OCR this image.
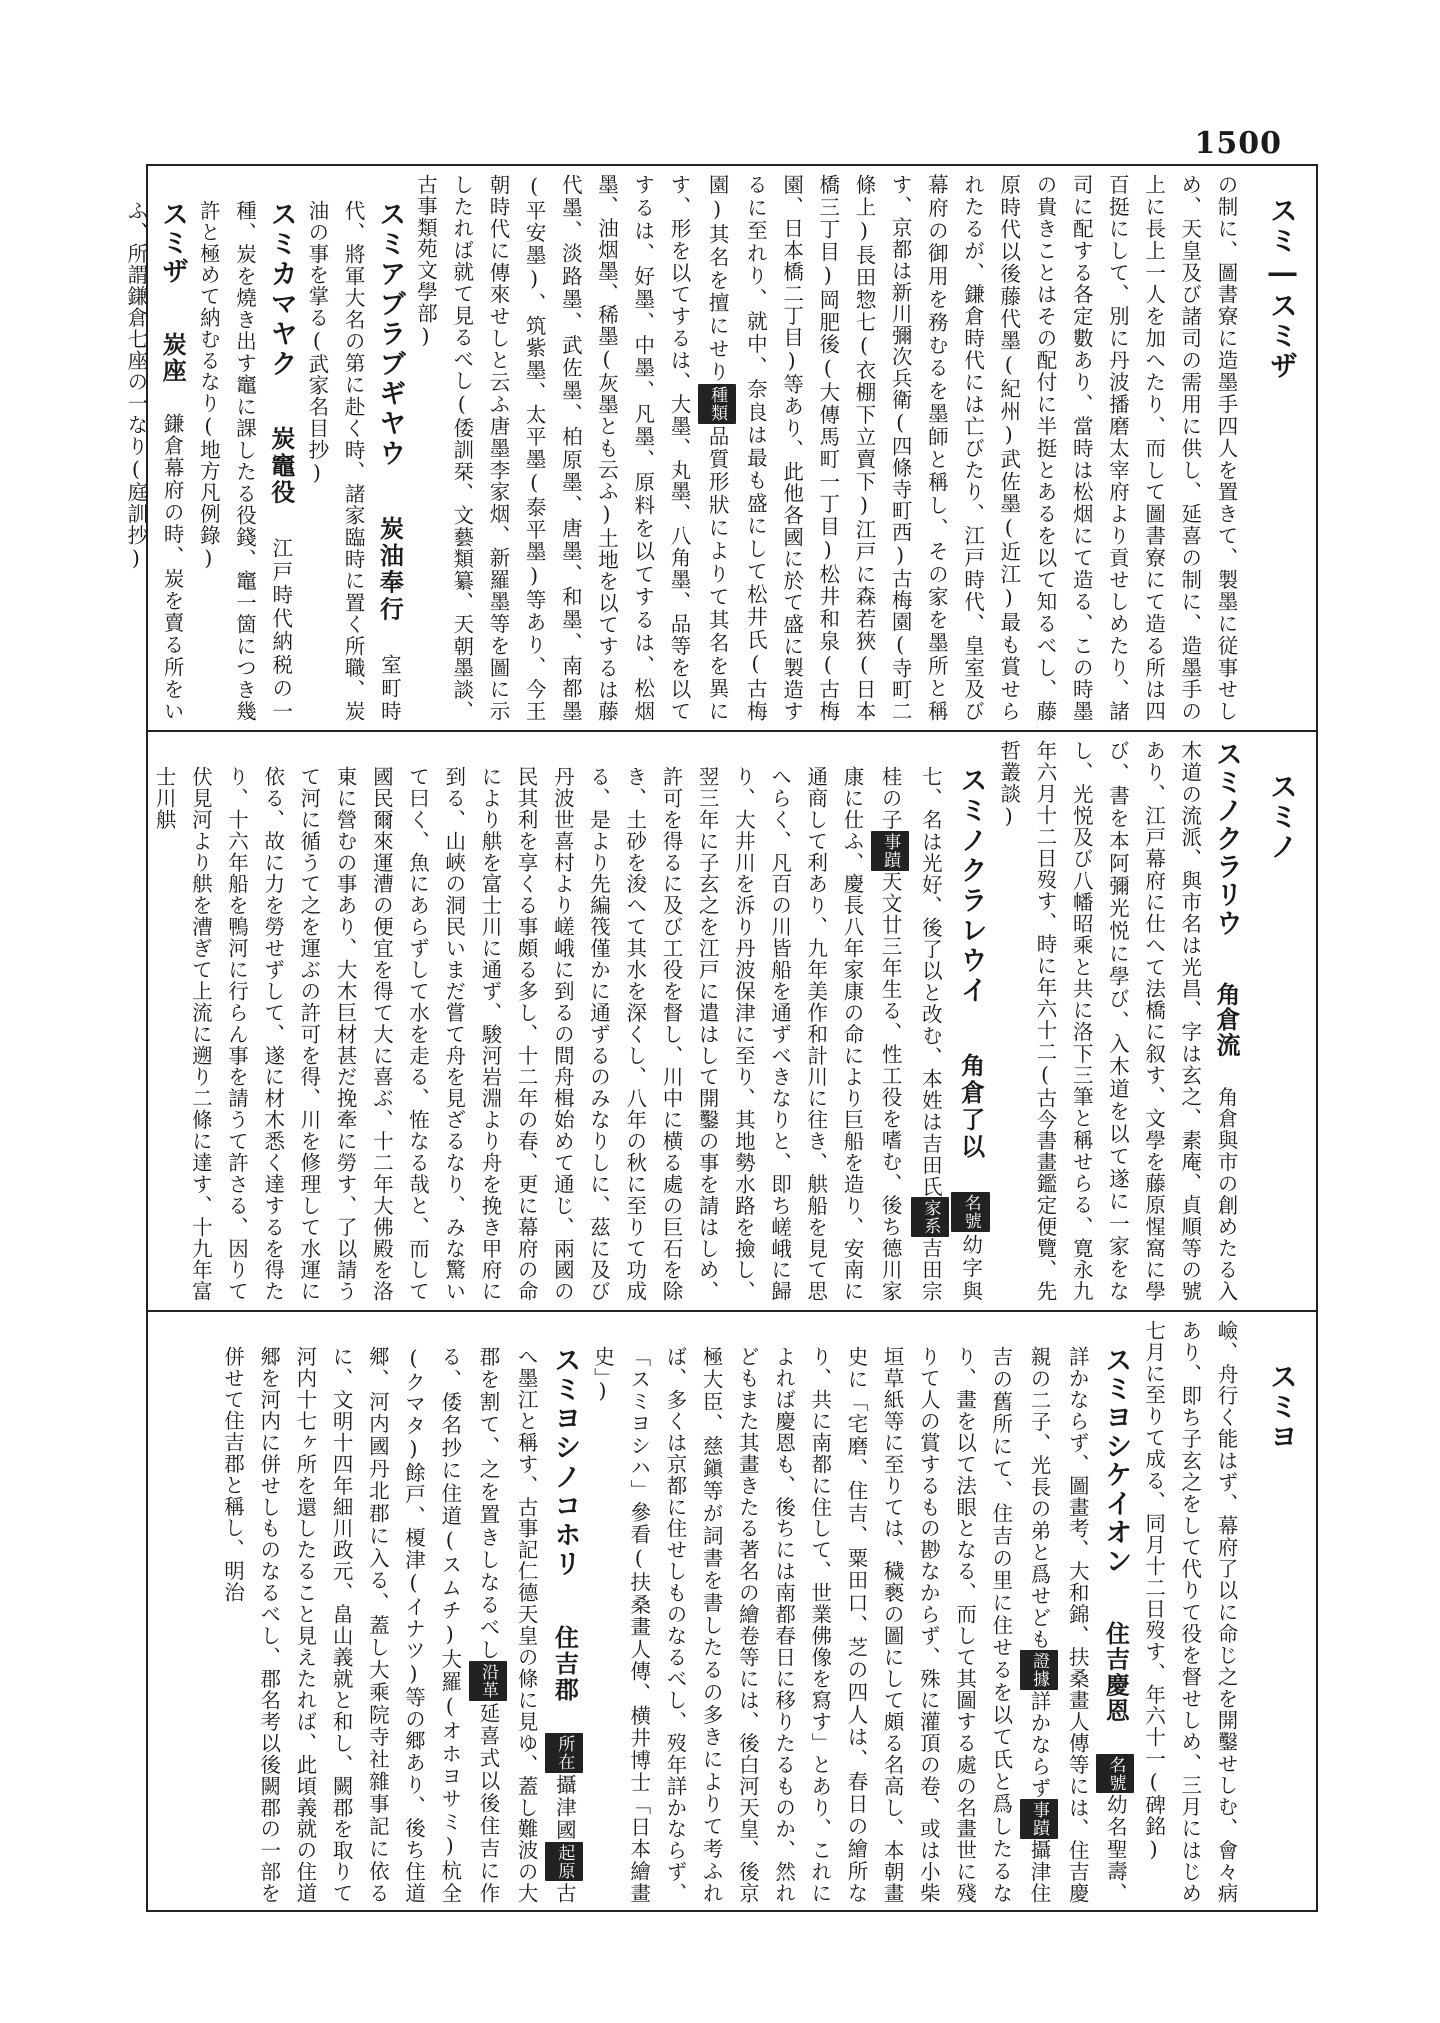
1500
スミ―スミザ
の制に、圖書寮に造墨手四人を置きて、製墨に従事せしめ、天皇及び諸司の需用に供し、延喜の制に、造墨手の上に長上一人を加へたり、而して圖書寮にて造る所は四百挺にして、別に丹波播磨太宰府より貢せしめたり、諸司に配する各定數あり、當時は松烟にて造る、この時墨の貴きことはその配付に半挺とあるを以て知るべし、藤原時代以後藤代墨(紀州)武佐墨(近江)最も賞せられたるが、鎌倉時代には亡びたり、江戸時代、皇室及び幕府の御用を務むるを墨師と稱し、その家を墨所と稱す、京都は新川彌次兵衛(四條寺町西)古梅園(寺町二條上)長田惣七(衣棚下立賣下)江戸に森若狹(日本橋三丁目)岡肥後(大傳馬町一丁目)松井和泉(古梅園、日本橋二丁目)等あり、此他各國に於て盛に製造するに至れり、就中、奈良は最も盛にして松井氏(古梅園)其名を擅にせり種類品質形狀によりて其名を異にす、形を以てするは、大墨、丸墨、八角墨、品等を以てするは、好墨、中墨、凡墨、原料を以てするは、松烟墨、油烟墨、稀墨(灰墨とも云ふ)土地を以てするは藤代墨、淡路墨、武佐墨、柏原墨、唐墨、和墨、南都墨(平安墨)、筑紫墨、太平墨(泰平墨)等あり、今王朝時代に傳來せしと云ふ唐墨李家烟、新羅墨等を圖に示したれば就て見るべし(倭訓栞、文藝類纂、天朝墨談、古事類苑文學部)
スミアブラブギヤウ 炭油奉行 室町時代、將軍大名の第に赴く時、諸家臨時に置く所職、炭油の事を掌る(武家名目抄)
スミカマヤク 炭竈役 江戸時代納税の一種、炭を燒き出す竈に課したる役錢、竈一箇につき幾許と極めて納むるなり(地方凡例錄)
スミザ 炭座 鎌倉幕府の時、炭を賣る所をいふ、所謂鎌倉七座の一なり(庭訓抄)
スミノ
スミノクラリウ 角倉流 角倉與市の創めたる入木道の流派、與市名は光昌、字は玄之、素庵、貞順等の號あり、江戸幕府に仕へて法橋に叙す、文學を藤原惺窩に學び、書を本阿彌光悦に學び、入木道を以て遂に一家をなし、光悦及び八幡昭乘と共に洛下三筆と稱せらる、寛永九年六月十二日歿す、時に年六十二(古今書畫鑑定便覽、先哲叢談)
スミノクラレウイ 角倉了以 名號幼字與七、名は光好、後了以と改む、本姓は吉田氏家系吉田宗桂の子事蹟天文廿三年生る、性工役を嗜む、後ち德川家康に仕ふ、慶長八年家康の命により巨船を造り、安南に通商して利あり、九年美作和計川に往き、舼船を見て思へらく、凡百の川皆船を通ずべきなりと、即ち嵯峨に歸り、大井川を泝り丹波保津に至り、其地勢水路を撿し、翌三年に子玄之を江戸に遣はして開鑿の事を請はしめ、許可を得るに及び工役を督し、川中に横る處の巨石を除き、土砂を浚へて其水を深くし、八年の秋に至りて功成る、是より先編筏僅かに通ずるのみなりしに、茲に及び丹波世喜村より嵯峨に到るの間舟楫始めて通じ、兩國の民其利を享くる事頗る多し、十二年の春、更に幕府の命により舼を富士川に通ず、駿河岩淵より舟を挽き甲府に到る、山峽の洞民いまだ嘗て舟を見ざるなり、みな驚いて曰く、魚にあらずして水を走る、恠なる哉と、而して國民爾來運漕の便宜を得て大に喜ぶ、十二年大佛殿を洛東に營むの事あり、大木巨材甚だ挽牽に勞す、了以請うて河に循うて之を運ぶの許可を得、川を修理して水運に依る、故に力を勞せずして、遂に材木悉く達するを得たり、十六年船を鴨河に行らん事を請うて許さる、因りて伏見河より舼を漕ぎて上流に遡り二條に達す、十九年富士川舼
スミヨ
嶮、舟行く能はず、幕府了以に命じ之を開鑿せしむ、會々病あり、即ち子玄之をして代りて役を督せしめ、三月にはじめ七月に至りて成る、同月十二日歿す、年六十一(碑銘)
スミヨシケイオン 住吉慶恩 名號幼名聖壽、詳かならず、圖畫考、大和錦、扶桑畫人傳等には、住吉慶親の二子、光長の弟と爲せども證據詳かならず事蹟攝津住吉の舊所にて、住吉の里に住せるを以て氏と爲したるなり、畫を以て法眼となる、而して其圖する處の名畫世に殘りて人の賞するもの尠なからず、殊に灌頂の卷、或は小柴垣草紙等に至りては、穢褻の圖にして頗る名高し、本朝畫史に「宅磨、住吉、粟田口、芝の四人は、春日の繪所なり、共に南都に住して、世業佛像を寫す」とあり、これによれば慶恩も、後ちには南都春日に移りたるものか、然れどもまた其畫きたる著名の繪卷等には、後白河天皇、後京極大臣、慈鎭等が詞書を書したるの多きによりて考ふれば、多くは京都に住せしものなるべし、歿年詳かならず、「スミヨシハ」參看(扶桑畫人傳、横井博士「日本繪畫史」)
スミヨシノコホリ 住吉郡 所在攝津國起原古へ墨江と稱す、古事記仁德天皇の條に見ゆ、蓋し難波の大郡を割て、之を置きしなるべし沿革延喜式以後住吉に作る、倭名抄に住道(スムチ)大羅(オホヨサミ)杭全(クマタ)餘戸、榎津(イナツ)等の郷あり、後ち住道郷、河内國丹北郡に入る、蓋し大乘院寺社雜事記に依るに、文明十四年細川政元、畠山義就と和し、闕郡を取りて河内十七ヶ所を還したること見えたれば、此頃義就の住道郷を河内に併せしものなるべし、郡名考以後闕郡の一部を併せて住吉郡と稱し、明治
